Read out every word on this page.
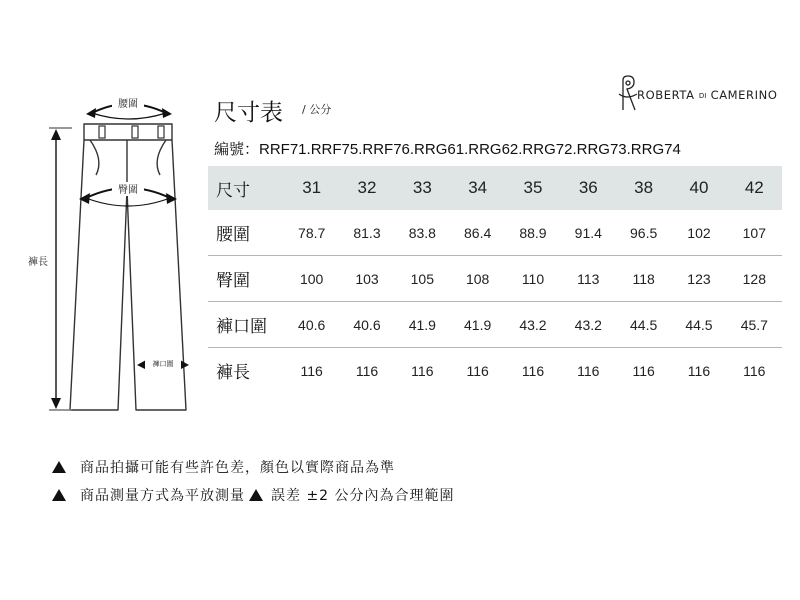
腰圍
臀圍
褲口圍
褲長
尺寸表 / 公分
ROBERTA DI CAMERINO
編號：RRF71.RRF75.RRF76.RRG61.RRG62.RRG72.RRG73.RRG74
尺寸	31	32	33	34	35	36	38	40	42
腰圍	78.7	81.3	83.8	86.4	88.9	91.4	96.5	102	107
臀圍	100	103	105	108	110	113	118	123	128
褲口圍	40.6	40.6	41.9	41.9	43.2	43.2	44.5	44.5	45.7
褲長	116	116	116	116	116	116	116	116	116
商品拍攝可能有些許色差，顏色以實際商品為準
商品測量方式為平放測量 誤差 ±2 公分內為合理範圍
